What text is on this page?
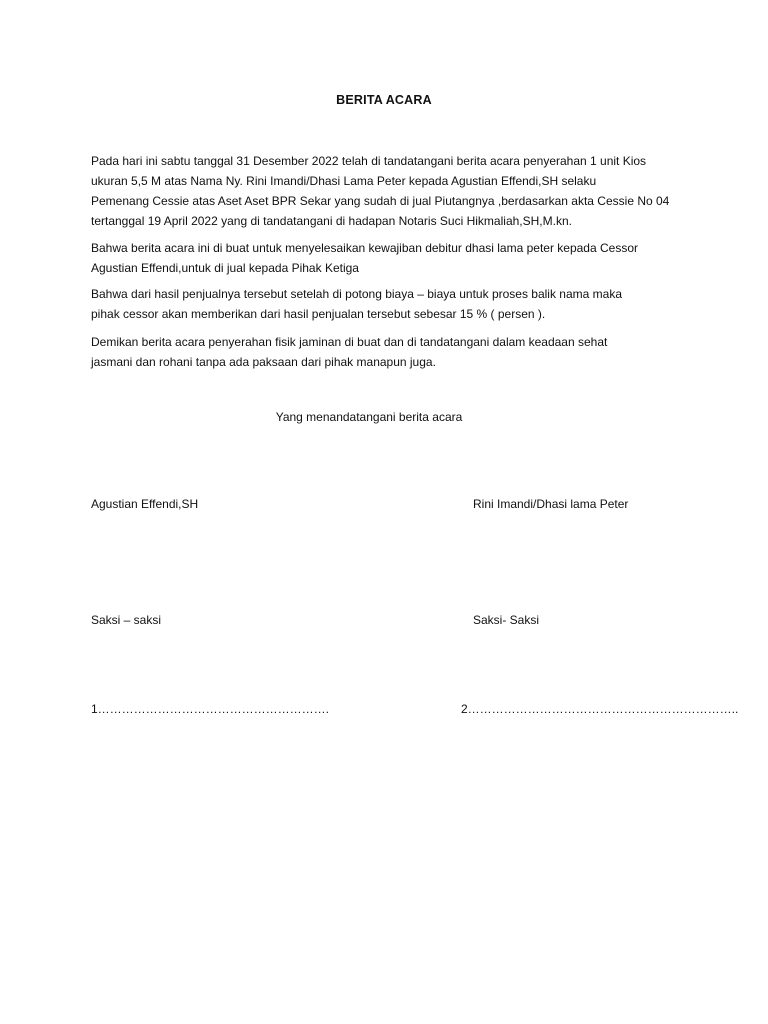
BERITA ACARA
Pada hari ini sabtu tanggal 31 Desember 2022 telah di tandatangani berita acara penyerahan 1 unit Kios
ukuran 5,5 M atas Nama Ny. Rini Imandi/Dhasi Lama Peter kepada Agustian Effendi,SH selaku
Pemenang Cessie atas Aset Aset BPR Sekar yang sudah di jual Piutangnya ,berdasarkan akta Cessie No 04
tertanggal 19 April 2022 yang di tandatangani di hadapan Notaris Suci Hikmaliah,SH,M.kn.
Bahwa berita acara ini di buat untuk menyelesaikan kewajiban debitur dhasi lama peter kepada Cessor
Agustian Effendi,untuk di jual kepada Pihak Ketiga
Bahwa dari hasil penjualnya tersebut setelah di potong biaya – biaya untuk proses balik nama maka
pihak cessor akan memberikan dari hasil penjualan tersebut sebesar 15 % ( persen ).
Demikan berita acara penyerahan fisik jaminan di buat dan di tandatangani dalam keadaan sehat
jasmani dan rohani tanpa ada paksaan dari pihak manapun juga.
Yang menandatangani berita acara
Agustian Effendi,SH	Rini Imandi/Dhasi lama Peter
Saksi – saksi	Saksi- Saksi
1………………………………………………….	2…………………………………………………………..
